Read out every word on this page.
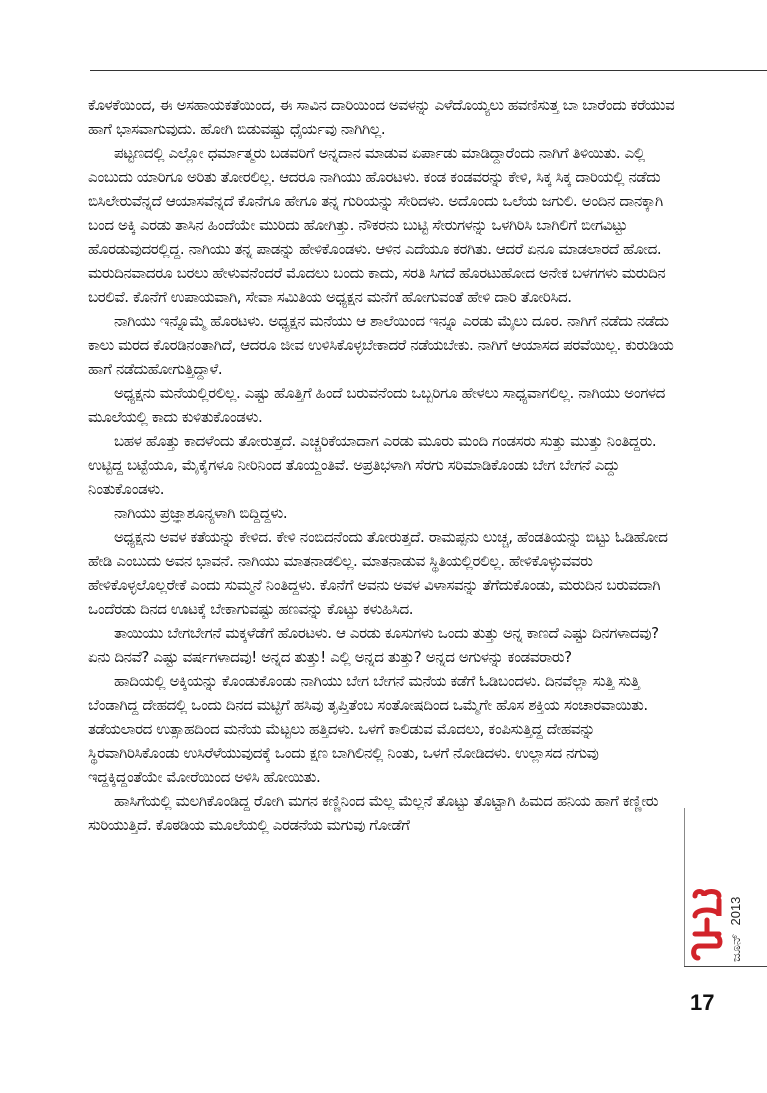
ಕೊಳಕೆಯಿಂದ, ಈ ಅಸಹಾಯಕತೆಯಿಂದ, ಈ ಸಾವಿನ ದಾರಿಯಿಂದ ಅವಳನ್ನು ಎಳೆದೊಯ್ಯಲು ಹವಣಿಸುತ್ತ ಬಾ ಬಾರೆಂದು ಕರೆಯುವ ಹಾಗೆ ಭಾಸವಾಗುವುದು. ಹೋಗಿ ಬಿಡುವಷ್ಟು ಧೈರ್ಯವು ನಾಗಿಗಿಲ್ಲ.

ಪಟ್ಟಣದಲ್ಲಿ ಎಲ್ಲೋ ಧರ್ಮಾತ್ಮರು ಬಡವರಿಗೆ ಅನ್ನದಾನ ಮಾಡುವ ಏರ್ಪಾಡು ಮಾಡಿದ್ದಾರೆಂದು ನಾಗಿಗೆ ತಿಳಿಯಿತು. ಎಲ್ಲಿ ಎಂಬುದು ಯಾರಿಗೂ ಅರಿತು ತೋರಲಿಲ್ಲ. ಆದರೂ ನಾಗಿಯು ಹೊರಟಳು. ಕಂಡ ಕಂಡವರನ್ನು ಕೇಳಿ, ಸಿಕ್ಕ ಸಿಕ್ಕ ದಾರಿಯಲ್ಲಿ ನಡೆದು ಬಿಸಿಲೇರುವೆನ್ನದೆ ಆಯಾಸವೆನ್ನದೆ ಕೊನೆಗೂ ಹೇಗೂ ತನ್ನ ಗುರಿಯನ್ನು ಸೇರಿದಳು. ಅದೊಂದು ಒಲೆಯ ಜಗುಲಿ. ಅಂದಿನ ದಾನಕ್ಕಾಗಿ ಬಂದ ಅಕ್ಕಿ ಎರಡು ತಾಸಿನ ಹಿಂದೆಯೇ ಮುರಿದು ಹೋಗಿತ್ತು. ನೌಕರನು ಬುಟ್ಟಿ ಸೇರುಗಳನ್ನು ಒಳಗಿರಿಸಿ ಬಾಗಿಲಿಗೆ ಬೀಗವಿಟ್ಟು ಹೊರಡುವುದರಲ್ಲಿದ್ದ. ನಾಗಿಯು ತನ್ನ ಪಾಡನ್ನು ಹೇಳಿಕೊಂಡಳು. ಆಳಿನ ಎದೆಯೂ ಕರಗಿತು. ಆದರೆ ಏನೂ ಮಾಡಲಾರದೆ ಹೋದ. ಮರುದಿನವಾದರೂ ಬರಲು ಹೇಳುವನೆಂದರೆ ಮೊದಲು ಬಂದು ಕಾದು, ಸರತಿ ಸಿಗದೆ ಹೊರಟುಹೋದ ಅನೇಕ ಬಳಗಗಳು ಮರುದಿನ ಬರಲಿವೆ. ಕೊನೆಗೆ ಉಪಾಯವಾಗಿ, ಸೇವಾ ಸಮಿತಿಯ ಅಧ್ಯಕ್ಷನ ಮನೆಗೆ ಹೋಗುವಂತೆ ಹೇಳಿ ದಾರಿ ತೋರಿಸಿದ.

ನಾಗಿಯು ಇನ್ನೊಮ್ಮೆ ಹೊರಟಳು. ಅಧ್ಯಕ್ಷನ ಮನೆಯು ಆ ಶಾಲೆಯಿಂದ ಇನ್ನೂ ಎರಡು ಮೈಲು ದೂರ. ನಾಗಿಗೆ ನಡೆದು ನಡೆದು ಕಾಲು ಮರದ ಕೊರಡಿನಂತಾಗಿದೆ, ಆದರೂ ಜೀವ ಉಳಿಸಿಕೊಳ್ಳಬೇಕಾದರೆ ನಡೆಯಬೇಕು. ನಾಗಿಗೆ ಆಯಾಸದ ಪರವೆಯಿಲ್ಲ. ಕುರುಡಿಯ ಹಾಗೆ ನಡೆದುಹೋಗುತ್ತಿದ್ದಾಳೆ.

ಅಧ್ಯಕ್ಷನು ಮನೆಯಲ್ಲಿರಲಿಲ್ಲ. ಎಷ್ಟು ಹೊತ್ತಿಗೆ ಹಿಂದೆ ಬರುವನೆಂದು ಒಬ್ಬರಿಗೂ ಹೇಳಲು ಸಾಧ್ಯವಾಗಲಿಲ್ಲ. ನಾಗಿಯು ಅಂಗಳದ ಮೂಲೆಯಲ್ಲಿ ಕಾದು ಕುಳಿತುಕೊಂಡಳು.

ಬಹಳ ಹೊತ್ತು ಕಾದಳೆಂದು ತೋರುತ್ತದೆ. ಎಚ್ಚರಿಕೆಯಾದಾಗ ಎರಡು ಮೂರು ಮಂದಿ ಗಂಡಸರು ಸುತ್ತು ಮುತ್ತು ನಿಂತಿದ್ದರು. ಉಟ್ಟಿದ್ದ ಬಟ್ಟೆಯೂ, ಮೈಕೈಗಳೂ ನೀರಿನಿಂದ ತೊಯ್ದಂತಿವೆ. ಅಪ್ರತಿಭಳಾಗಿ ಸೆರಗು ಸರಿಮಾಡಿಕೊಂಡು ಬೇಗ ಬೇಗನೆ ಎದ್ದು ನಿಂತುಕೊಂಡಳು.

ನಾಗಿಯು ಪ್ರಜ್ಞಾಶೂನ್ಯಳಾಗಿ ಬಿದ್ದಿದ್ದಳು.

ಅಧ್ಯಕ್ಷನು ಅವಳ ಕತೆಯನ್ನು ಕೇಳಿದ. ಕೇಳಿ ನಂಬಿದನೆಂದು ತೋರುತ್ತದೆ. ರಾಮಪ್ಪನು ಲುಚ್ಚ, ಹೆಂಡತಿಯನ್ನು ಬಿಟ್ಟು ಓಡಿಹೋದ ಹೇಡಿ ಎಂಬುದು ಅವನ ಭಾವನೆ. ನಾಗಿಯು ಮಾತನಾಡಲಿಲ್ಲ. ಮಾತನಾಡುವ ಸ್ಥಿತಿಯಲ್ಲಿರಲಿಲ್ಲ. ಹೇಳಿಕೊಳ್ಳುವವರು ಹೇಳಿಕೊಳ್ಳಲೊಲ್ಲರೇಕೆ ಎಂದು ಸುಮ್ಮನೆ ನಿಂತಿದ್ದಳು. ಕೊನೆಗೆ ಅವನು ಅವಳ ವಿಳಾಸವನ್ನು ತೆಗೆದುಕೊಂಡು, ಮರುದಿನ ಬರುವದಾಗಿ ಒಂದೆರಡು ದಿನದ ಊಟಕ್ಕೆ ಬೇಕಾಗುವಷ್ಟು ಹಣವನ್ನು ಕೊಟ್ಟು ಕಳುಹಿಸಿದ.

ತಾಯಿಯು ಬೇಗಬೇಗನೆ ಮಕ್ಕಳೆಡೆಗೆ ಹೊರಟಳು. ಆ ಎರಡು ಕೂಸುಗಳು ಒಂದು ತುತ್ತು ಅನ್ನ ಕಾಣದೆ ಎಷ್ಟು ದಿನಗಳಾದವು? ಏನು ದಿನವೆ? ಎಷ್ಟು ವರ್ಷಗಳಾದವು! ಅನ್ನದ ತುತ್ತು! ಎಲ್ಲಿ ಅನ್ನದ ತುತ್ತು? ಅನ್ನದ ಅಗುಳನ್ನು ಕಂಡವರಾರು?

ಹಾದಿಯಲ್ಲಿ ಅಕ್ಕಿಯನ್ನು ಕೊಂಡುಕೊಂಡು ನಾಗಿಯು ಬೇಗ ಬೇಗನೆ ಮನೆಯ ಕಡೆಗೆ ಓಡಿಬಂದಳು. ದಿನವೆಲ್ಲಾ ಸುತ್ತಿ ಸುತ್ತಿ ಬೆಂಡಾಗಿದ್ದ ದೇಹದಲ್ಲಿ ಒಂದು ದಿನದ ಮಟ್ಟಿಗೆ ಹಸಿವು ತೃಪ್ತಿತೆಂಬ ಸಂತೋಷದಿಂದ ಒಮ್ಮೆಗೇ ಹೊಸ ಶಕ್ತಿಯ ಸಂಚಾರವಾಯಿತು. ತಡೆಯಲಾರದ ಉತ್ಸಾಹದಿಂದ ಮನೆಯ ಮೆಟ್ಟಲು ಹತ್ತಿದಳು. ಒಳಗೆ ಕಾಲಿಡುವ ಮೊದಲು, ಕಂಪಿಸುತ್ತಿದ್ದ ದೇಹವನ್ನು ಸ್ಥಿರವಾಗಿರಿಸಿಕೊಂಡು ಉಸಿರೆಳೆಯುವುದಕ್ಕೆ ಒಂದು ಕ್ಷಣ ಬಾಗಿಲಿನಲ್ಲಿ ನಿಂತು, ಒಳಗೆ ನೋಡಿದಳು. ಉಲ್ಲಾಸದ ನಗುವು ಇದ್ದಕ್ಕಿದ್ದಂತೆಯೇ ಮೋರೆಯಿಂದ ಅಳಿಸಿ ಹೋಯಿತು.

ಹಾಸಿಗೆಯಲ್ಲಿ ಮಲಗಿಕೊಂಡಿದ್ದ ರೋಗಿ ಮಗನ ಕಣ್ಣಿನಿಂದ ಮೆಲ್ಲ ಮೆಲ್ಲನೆ ತೊಟ್ಟು ತೊಟ್ಟಾಗಿ ಹಿಮದ ಹನಿಯ ಹಾಗೆ ಕಣ್ಣೀರು ಸುರಿಯುತ್ತಿದೆ. ಕೊಠಡಿಯ ಮೂಲೆಯಲ್ಲಿ ಎರಡನೆಯ ಮಗುವು ಗೋಡೆಗೆ

ಜೂನ್2013
17
